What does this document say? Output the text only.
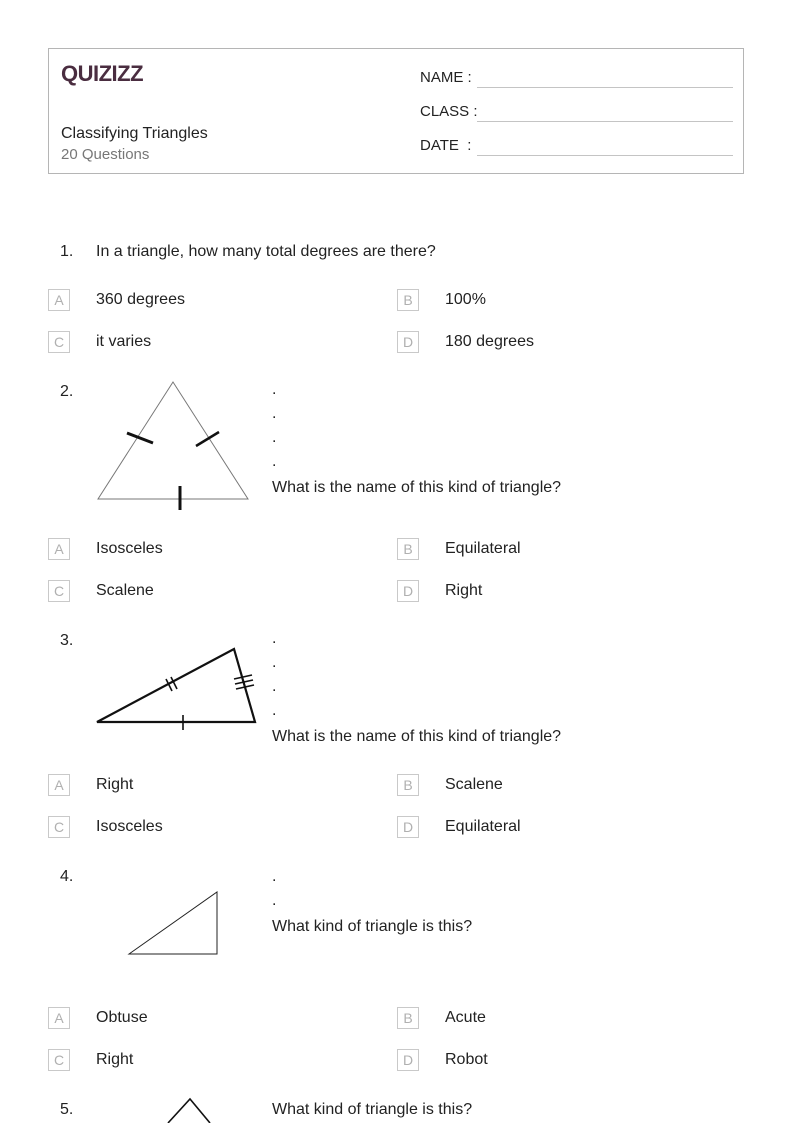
QUIZIZZ
Classifying Triangles
20 Questions
NAME :
CLASS :
DATE  :
1. In a triangle, how many total degrees are there?
A	360 degrees	B	100%
C	it varies	D	180 degrees
2.	.
.
.
.
What is the name of this kind of triangle?
A	Isosceles	B	Equilateral
C	Scalene	D	Right
3.	.
.
.
.
What is the name of this kind of triangle?
A	Right	B	Scalene
C	Isosceles	D	Equilateral
4.	.
.
What kind of triangle is this?
A	Obtuse	B	Acute
C	Right	D	Robot
5.	What kind of triangle is this?
